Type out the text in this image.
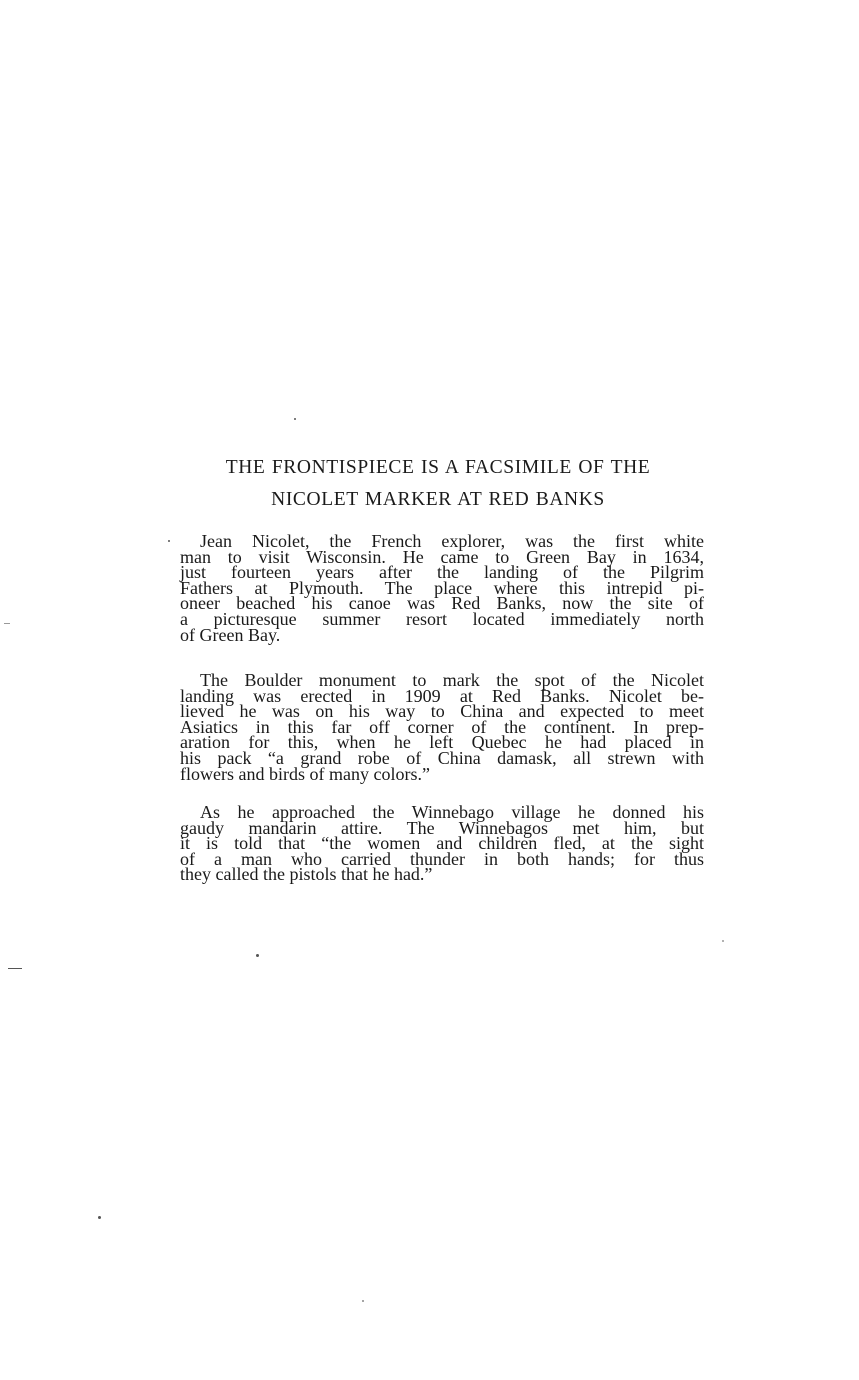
THE FRONTISPIECE IS A FACSIMILE OF THE
NICOLET MARKER AT RED BANKS
Jean Nicolet, the French explorer, was the first white
man to visit Wisconsin. He came to Green Bay in 1634,
just fourteen years after the landing of the Pilgrim
Fathers at Plymouth. The place where this intrepid pi-
oneer beached his canoe was Red Banks, now the site of
a picturesque summer resort located immediately north
of Green Bay.
The Boulder monument to mark the spot of the Nicolet
landing was erected in 1909 at Red Banks. Nicolet be-
lieved he was on his way to China and expected to meet
Asiatics in this far off corner of the continent. In prep-
aration for this, when he left Quebec he had placed in
his pack “a grand robe of China damask, all strewn with
flowers and birds of many colors.”
As he approached the Winnebago village he donned his
gaudy mandarin attire. The Winnebagos met him, but
it is told that “the women and children fled, at the sight
of a man who carried thunder in both hands; for thus
they called the pistols that he had.”
